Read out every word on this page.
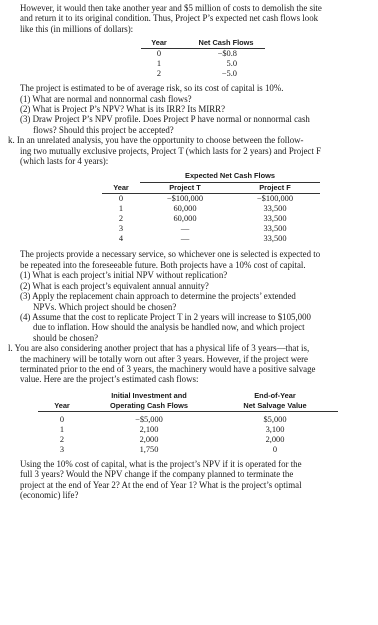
However, it would then take another year and $5 million of costs to demolish the site

and return it to its original condition. Thus, Project P’s expected net cash flows look

like this (in millions of dollars):

Year	Net Cash Flows
0	−$0.8
1	5.0
2	−5.0

The project is estimated to be of average risk, so its cost of capital is 10%.

(1) What are normal and nonnormal cash flows?

(2) What is Project P’s NPV? What is its IRR? Its MIRR?

(3) Draw Project P’s NPV profile. Does Project P have normal or nonnormal cash

flows? Should this project be accepted?

k. In an unrelated analysis, you have the opportunity to choose between the follow-

ing two mutually exclusive projects, Project T (which lasts for 2 years) and Project F

(which lasts for 4 years):

	Expected Net Cash Flows	
Year	Project T	Project F
0	−$100,000	−$100,000
1	60,000	33,500
2	60,000	33,500
3	—	33,500
4	—	33,500

The projects provide a necessary service, so whichever one is selected is expected to

be repeated into the foreseeable future. Both projects have a 10% cost of capital.

(1) What is each project’s initial NPV without replication?

(2) What is each project’s equivalent annual annuity?

(3) Apply the replacement chain approach to determine the projects’ extended

NPVs. Which project should be chosen?

(4) Assume that the cost to replicate Project T in 2 years will increase to $105,000

due to inflation. How should the analysis be handled now, and which project

should be chosen?

l. You are also considering another project that has a physical life of 3 years—that is,

the machinery will be totally worn out after 3 years. However, if the project were

terminated prior to the end of 3 years, the machinery would have a positive salvage

value. Here are the project’s estimated cash flows:

	Initial Investment and	End-of-Year
Year	Operating Cash Flows	Net Salvage Value
0	−$5,000	$5,000
1	2,100	3,100
2	2,000	2,000
3	1,750	0

Using the 10% cost of capital, what is the project’s NPV if it is operated for the

full 3 years? Would the NPV change if the company planned to terminate the

project at the end of Year 2? At the end of Year 1? What is the project’s optimal

(economic) life?
